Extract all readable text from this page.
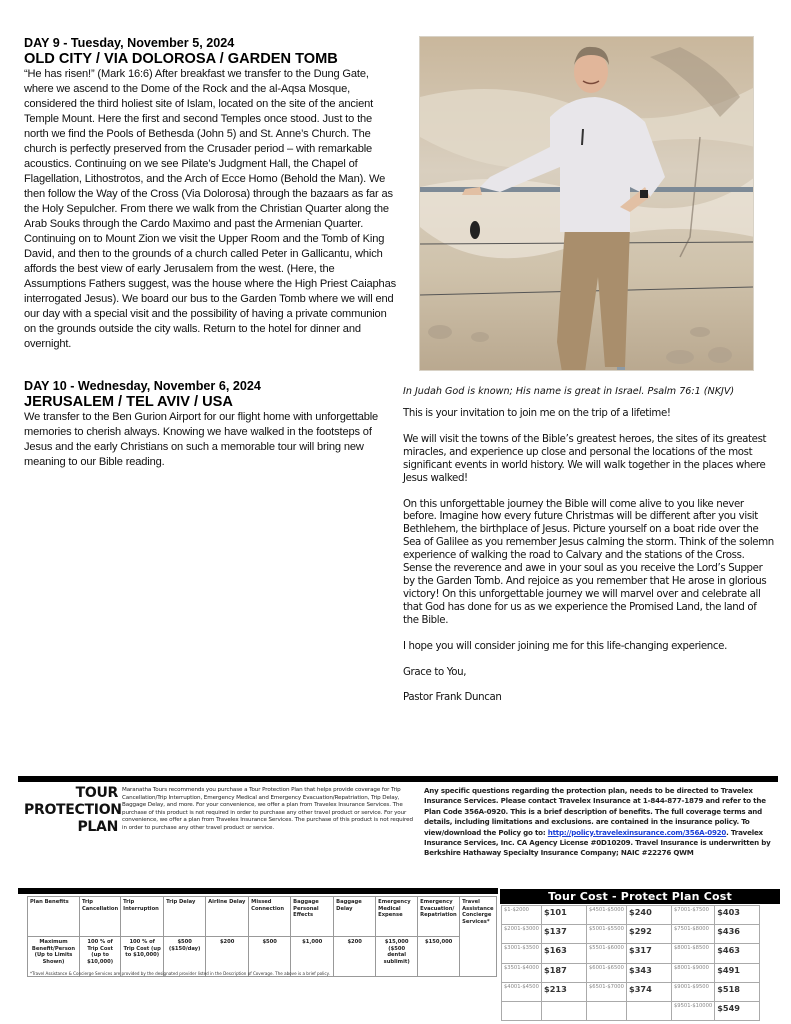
DAY 9 - Tuesday, November 5, 2024
OLD CITY / VIA DOLOROSA / GARDEN TOMB
“He has risen!” (Mark 16:6) After breakfast we transfer to the Dung Gate, where we ascend to the Dome of the Rock and the al-Aqsa Mosque, considered the third holiest site of Islam, located on the site of the ancient Temple Mount. Here the first and second Temples once stood. Just to the north we find the Pools of Bethesda (John 5) and St. Anne’s Church. The church is perfectly preserved from the Crusader period – with remarkable acoustics. Continuing on we see Pilate’s Judgment Hall, the Chapel of Flagellation, Lithostrotos, and the Arch of Ecce Homo (Behold the Man). We then follow the Way of the Cross (Via Dolorosa) through the bazaars as far as the Holy Sepulcher. From there we walk from the Christian Quarter along the Arab Souks through the Cardo Maximo and past the Armenian Quarter. Continuing on to Mount Zion we visit the Upper Room and the Tomb of King David, and then to the grounds of a church called Peter in Gallicantu, which affords the best view of early Jerusalem from the west. (Here, the Assumptions Fathers suggest, was the house where the High Priest Caiaphas interrogated Jesus). We board our bus to the Garden Tomb where we will end our day with a special visit and the possibility of having a private communion on the grounds outside the city walls. Return to the hotel for dinner and overnight.
DAY 10 - Wednesday, November 6, 2024
JERUSALEM / TEL AVIV / USA
We transfer to the Ben Gurion Airport for our flight home with unforgettable memories to cherish always. Knowing we have walked in the footsteps of Jesus and the early Christians on such a memorable tour will bring new meaning to our Bible reading.
In Judah God is known; His name is great in Israel. Psalm 76:1 (NKJV)
This is your invitation to join me on the trip of a lifetime!
We will visit the towns of the Bible’s greatest heroes, the sites of its greatest miracles, and experience up close and personal the locations of the most significant events in world history. We will walk together in the places where Jesus walked!
On this unforgettable journey the Bible will come alive to you like never before. Imagine how every future Christmas will be different after you visit Bethlehem, the birthplace of Jesus. Picture yourself on a boat ride over the Sea of Galilee as you remember Jesus calming the storm. Think of the solemn experience of walking the road to Calvary and the stations of the Cross. Sense the reverence and awe in your soul as you receive the Lord’s Supper by the Garden Tomb. And rejoice as you remember that He arose in glorious victory! On this unforgettable journey we will marvel over and celebrate all that God has done for us as we experience the Promised Land, the land of the Bible.
I hope you will consider joining me for this life-changing experience.
Grace to You,
Pastor Frank Duncan
TOUR
PROTECTION
PLAN
Maranatha Tours recommends you purchase a Tour Protection Plan that helps provide coverage for Trip Cancellation/Trip Interruption, Emergency Medical and Emergency Evacuation/Repatriation, Trip Delay, Baggage Delay, and more. For your convenience, we offer a plan from Travelex Insurance Services. The purchase of this product is not required in order to purchase any other travel product or service. For your convenience, we offer a plan from Travelex Insurance Services. The purchase of this product is not required in order to purchase any other travel product or service.
Any specific questions regarding the protection plan, needs to be directed to Travelex Insurance Services. Please contact Travelex Insurance at 1-844-877-1879 and refer to the Plan Code 356A-0920. This is a brief description of benefits. The full coverage terms and details, including limitations and exclusions. are contained in the insurance policy. To view/download the Policy go to: http://policy.travelexinsurance.com/356A-0920. Travelex Insurance Services, Inc. CA Agency License #0D10209. Travel Insurance is underwritten by Berkshire Hathaway Specialty Insurance Company; NAIC #22276 QWM
Plan Benefits	Trip Cancellation	Trip Interruption	Trip Delay	Airline Delay	Missed Connection	Baggage Personal Effects	Baggage Delay	Emergency Medical Expense	Emergency Evacuation/ Repatriation	Travel Assistance Concierge Services*
Maximum Benefit/Person (Up to Limits Shown)	100 % of Trip Cost (up to $10,000)	100 % of Trip Cost (up to $10,000)	$500 ($150/day)	$200	$500	$1,000	$200	$15,000 ($500 dental sublimit)	$150,000	
*Travel Assistance & Concierge Services are provided by the designated provider listed in the Description of Coverage. The above is a brief policy.
Tour Cost - Protect Plan Cost
$1-$2000	$101	$4501-$5000	$240	$7001-$7500	$403
$2001-$3000	$137	$5001-$5500	$292	$7501-$8000	$436
$3001-$3500	$163	$5501-$6000	$317	$8001-$8500	$463
$3501-$4000	$187	$6001-$6500	$343	$8001-$9000	$491
$4001-$4500	$213	$6501-$7000	$374	$9001-$9500	$518
				$9501-$10000	$549
